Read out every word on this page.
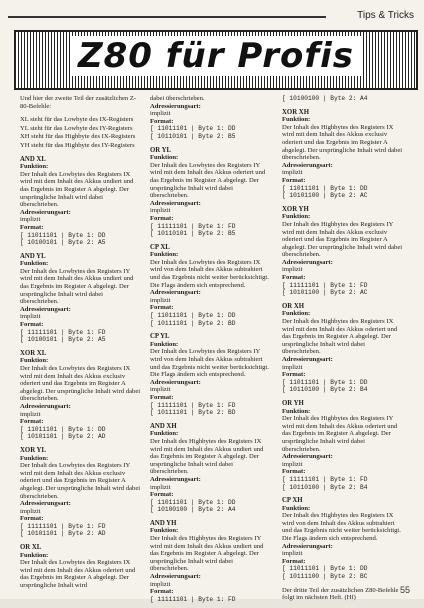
Tips & Tricks
Z80 für Profis

Und hier der zweite Teil der zusätzlichen Z-80-Befehle:

XL steht für das Lowbyte des IX-Registers

YL steht für das Lowbyte des IY-Registers

XH steht für das Highbyte des IX-Registers

YH steht für das Highbyte des IY-Registers

AND XL
Funktion:

Der Inhalt des Lowbytes des Registers IX wird mit dem Inhalt des Akkus undiert und das Ergebnis im Register A abgelegt. Der ursprüngliche Inhalt wird dabei überschrieben.

Adressierungsart:

implizit

Format:

[ 11011101 | Byte 1: DD

[ 10100101 | Byte 2: A5

AND YL
Funktion:

Der Inhalt des Lowbytes des Registers IY wird mit dem Inhalt des Akkus undiert und das Ergebnis im Register A abgelegt. Der ursprüngliche Inhalt wird dabei überschrieben.

Adressierungsart:

implizit

Format:

[ 11111101 | Byte 1: FD

[ 10100101 | Byte 2: A5

XOR XL
Funktion:

Der Inhalt des Lowbytes des Registers IX wird mit dem Inhalt des Akkus exclusiv oderiert und das Ergebnis im Register A abgelegt. Der ursprüngliche Inhalt wird dabei überschrieben.

Adressierungsart:

implizit

Format:

[ 11011101 | Byte 1: DD

[ 10101101 | Byte 2: AD

XOR YL
Funktion:

Der Inhalt des Lowbytes des Registers IY wird mit dem Inhalt des Akkus exclusiv oderiert und das Ergebnis im Register A abgelegt. Der ursprüngliche Inhalt wird dabei überschrieben.

Adressierungsart:

implizit

Format:

[ 11111101 | Byte 1: FD

[ 10101101 | Byte 2: AD

OR XL
Funktion:

Der Inhalt des Lowbytes des Registers IX wird mit dem Inhalt des Akkus oderiert und das Ergebnis im Register A abgelegt. Der ursprüngliche Inhalt wird

dabei überschrieben.

Adressierungsart:

implizit

Format:

[ 11011101 | Byte 1: DD

[ 10110101 | Byte 2: B5

OR YL
Funktion:

Der Inhalt des Lowbytes des Registers IY wird mit dem Inhalt des Akkus oderiert und das Ergebnis im Register A abgelegt. Der ursprüngliche Inhalt wird dabei überschrieben.

Adressierungsart:

implizit

Format:

[ 11111101 | Byte 1: FD

[ 10110101 | Byte 2: B5

CP XL
Funktion:

Der Inhalt des Lowbytes des Registers IX wird von dem Inhalt des Akkus subtrahiert und das Ergebnis nicht weiter berücksichtigt. Die Flags ändern sich entsprechend.

Adressierungsart:

implizit

Format:

[ 11011101 | Byte 1: DD

[ 10111101 | Byte 2: BD

CP YL
Funktion:

Der Inhalt des Lowbytes des Registers IY wird von dem Inhalt des Akkus subtrahiert und das Ergebnis nicht weiter berücksichtigt. Die Flags ändern sich entsprechend.

Adressierungsart:

implizit

Format:

[ 11111101 | Byte 1: FD

[ 10111101 | Byte 2: BD

AND XH
Funktion:

Der Inhalt des Highbytes des Registers IX wird mit dem Inhalt des Akkus undiert und das Ergebnis im Register A abgelegt. Der ursprüngliche Inhalt wird dabei überschrieben.

Adressierungsart:

implizit

Format:

[ 11011101 | Byte 1: DD

[ 10100100 | Byte 2: A4

AND YH
Funktion:

Der Inhalt des Highbytes des Registers IY wird mit dem Inhalt des Akkus undiert und das Ergebnis im Register A abgelegt. Der ursprüngliche Inhalt wird dabei überschrieben.

Adressierungsart:

implizit

Format:

[ 11111101 | Byte 1: FD

[ 10100100 | Byte 2: A4

XOR XH
Funktion:

Der Inhalt des Highbytes des Registers IX wird mit dem Inhalt des Akkus exclusiv oderiert und das Ergebnis im Register A abgelegt. Der ursprüngliche Inhalt wird dabei überschrieben.

Adressierungsart:

implizit

Format:

[ 11011101 | Byte 1: DD

[ 10101100 | Byte 2: AC

XOR YH
Funktion:

Der Inhalt des Highbytes des Registers IY wird mit dem Inhalt des Akkus exclusiv oderiert und das Ergebnis im Register A abgelegt. Der ursprüngliche Inhalt wird dabei überschrieben.

Adressierungsart:

implizit

Format:

[ 11111101 | Byte 1: FD

[ 10101100 | Byte 2: AC

OR XH
Funktion:

Der Inhalt des Highbytes des Registers IX wird mit dem Inhalt des Akkus oderiert und das Ergebnis im Register A abgelegt. Der ursprüngliche Inhalt wird dabei überschrieben.

Adressierungsart:

implizit

Format:

[ 11011101 | Byte 1: DD

[ 10110100 | Byte 2: B4

OR YH
Funktion:

Der Inhalt des Highbytes des Registers IY wird mit dem Inhalt des Akkus oderiert und das Ergebnis im Register A abgelegt. Der ursprüngliche Inhalt wird dabei überschrieben.

Adressierungsart:

implizit

Format:

[ 11111101 | Byte 1: FD

[ 10110100 | Byte 2: B4

CP XH
Funktion:

Der Inhalt des Highbytes des Registers IX wird von dem Inhalt des Akkus subtrahiert und das Ergebnis nicht weiter berücksichtigt. Die Flags ändern sich entsprechend.

Adressierungsart:

implizit

Format:

[ 11011101 | Byte 1: DD

[ 10111100 | Byte 2: BC

Der dritte Teil der zusätzlichen Z80-Befehle folgt im nächsten Heft. (Hf)

55
